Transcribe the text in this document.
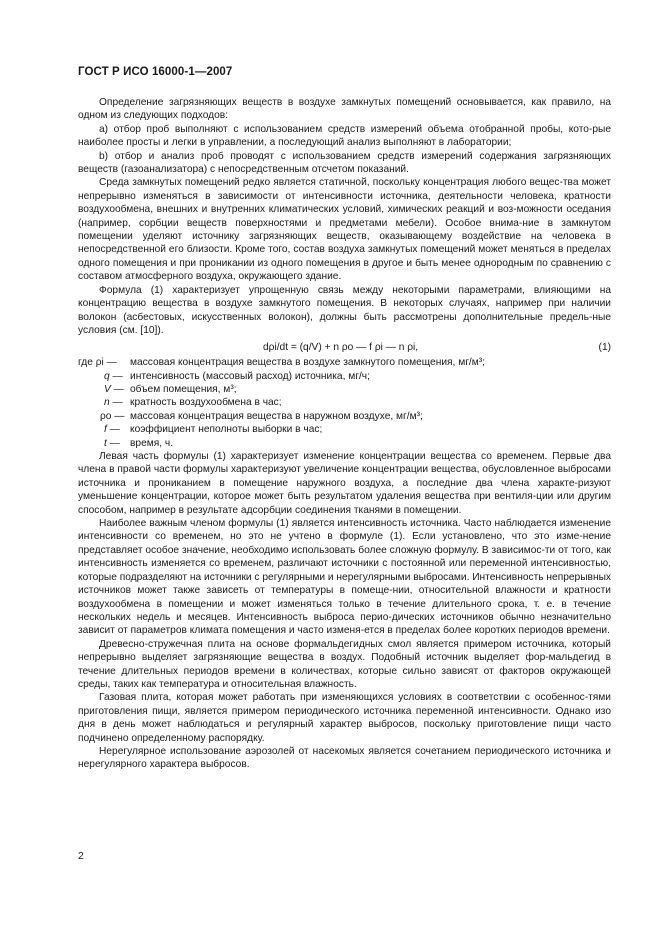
ГОСТ Р ИСО 16000-1—2007

Определение загрязняющих веществ в воздухе замкнутых помещений основывается, как правило, на одном из следующих подходов:

a) отбор проб выполняют с использованием средств измерений объема отобранной пробы, кото-рые наиболее просты и легки в управлении, а последующий анализ выполняют в лаборатории;

b) отбор и анализ проб проводят с использованием средств измерений содержания загрязняющих веществ (газоанализатора) с непосредственным отсчетом показаний.

Среда замкнутых помещений редко является статичной, поскольку концентрация любого вещес-тва может непрерывно изменяться в зависимости от интенсивности источника, деятельности человека, кратности воздухообмена, внешних и внутренних климатических условий, химических реакций и воз-можности оседания (например, сорбции веществ поверхностями и предметами мебели). Особое внима-ние в замкнутом помещении уделяют источнику загрязняющих веществ, оказывающему воздействие на человека в непосредственной его близости. Кроме того, состав воздуха замкнутых помещений может меняться в пределах одного помещения и при проникании из одного помещения в другое и быть менее однородным по сравнению с составом атмосферного воздуха, окружающего здание.

Формула (1) характеризует упрощенную связь между некоторыми параметрами, влияющими на концентрацию вещества в воздухе замкнутого помещения. В некоторых случаях, например при наличии волокон (асбестовых, искусственных волокон), должны быть рассмотрены дополнительные предель-ные условия (см. [10]).

dρi/dt = (q/V) + n ρo — f ρi — n ρi,	(1)
где ρi — массовая концентрация вещества в воздухе замкнутого помещения, мг/м³;
q — интенсивность (массовый расход) источника, мг/ч;
V — объем помещения, м³;
n — кратность воздухообмена в час;
ρo — массовая концентрация вещества в наружном воздухе, мг/м³;
f — коэффициент неполноты выборки в час;
t — время, ч.

Левая часть формулы (1) характеризует изменение концентрации вещества со временем. Первые два члена в правой части формулы характеризуют увеличение концентрации вещества, обусловленное выбросами источника и прониканием в помещение наружного воздуха, а последние два члена характе-ризуют уменьшение концентрации, которое может быть результатом удаления вещества при вентиля-ции или другим способом, например в результате адсорбции соединения тканями в помещении.

Наиболее важным членом формулы (1) является интенсивность источника. Часто наблюдается изменение интенсивности со временем, но это не учтено в формуле (1). Если установлено, что это изме-нение представляет особое значение, необходимо использовать более сложную формулу. В зависимос-ти от того, как интенсивность изменяется со временем, различают источники с постоянной или переменной интенсивностью, которые подразделяют на источники с регулярными и нерегулярными выбросами. Интенсивность непрерывных источников может также зависеть от температуры в помеще-нии, относительной влажности и кратности воздухообмена в помещении и может изменяться только в течение длительного срока, т. е. в течение нескольких недель и месяцев. Интенсивность выброса перио-дических источников обычно незначительно зависит от параметров климата помещения и часто изменя-ется в пределах более коротких периодов времени.

Древесно-стружечная плита на основе формальдегидных смол является примером источника, который непрерывно выделяет загрязняющие вещества в воздух. Подобный источник выделяет фор-мальдегид в течение длительных периодов времени в количествах, которые сильно зависят от факторов окружающей среды, таких как температура и относительная влажность.

Газовая плита, которая может работать при изменяющихся условиях в соответствии с особеннос-тями приготовления пищи, является примером периодического источника переменной интенсивности. Однако изо дня в день может наблюдаться и регулярный характер выбросов, поскольку приготовление пищи часто подчинено определенному распорядку.

Нерегулярное использование аэрозолей от насекомых является сочетанием периодического источника и нерегулярного характера выбросов.

2
